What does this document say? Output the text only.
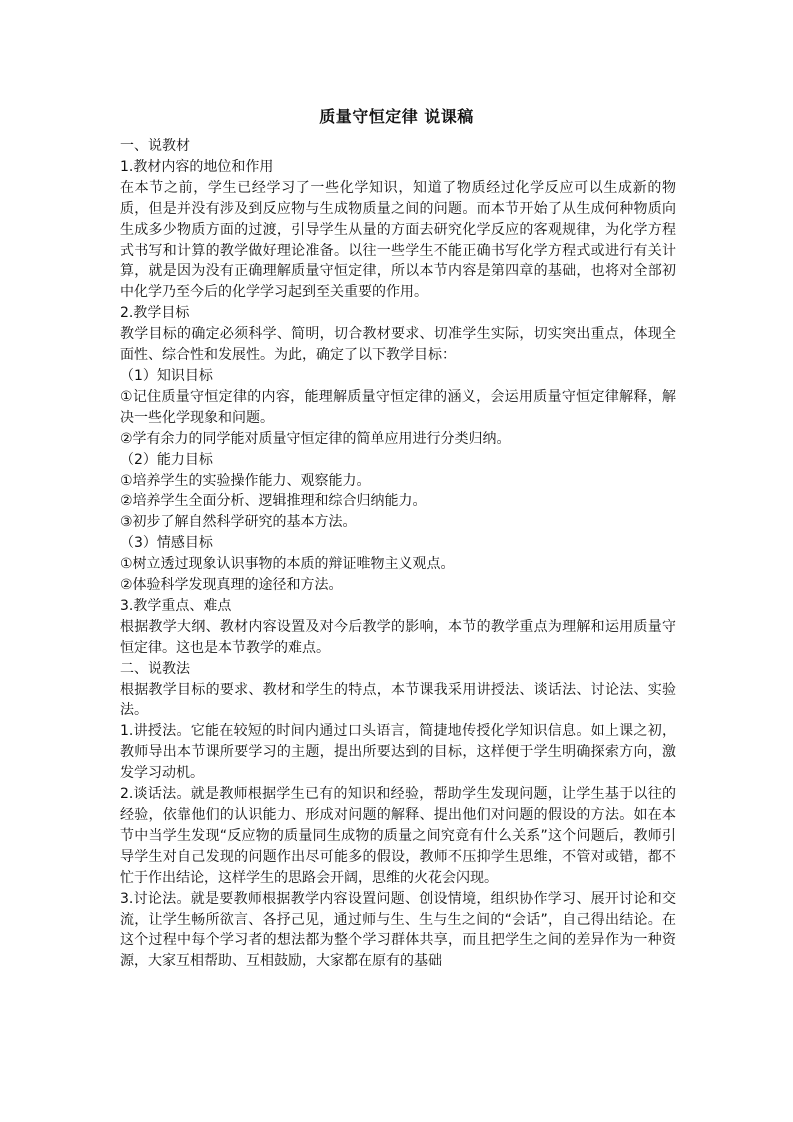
质量守恒定律 说课稿

一、说教材

1.教材内容的地位和作用

在本节之前，学生已经学习了一些化学知识，知道了物质经过化学反应可以生成新的物质，但是并没有涉及到反应物与生成物质量之间的问题。而本节开始了从生成何种物质向生成多少物质方面的过渡，引导学生从量的方面去研究化学反应的客观规律，为化学方程式书写和计算的教学做好理论准备。以往一些学生不能正确书写化学方程式或进行有关计算，就是因为没有正确理解质量守恒定律，所以本节内容是第四章的基础，也将对全部初中化学乃至今后的化学学习起到至关重要的作用。

2.教学目标

教学目标的确定必须科学、简明，切合教材要求、切准学生实际，切实突出重点，体现全面性、综合性和发展性。为此，确定了以下教学目标：

（1）知识目标

①记住质量守恒定律的内容，能理解质量守恒定律的涵义，会运用质量守恒定律解释，解决一些化学现象和问题。

②学有余力的同学能对质量守恒定律的简单应用进行分类归纳。

（2）能力目标

①培养学生的实验操作能力、观察能力。

②培养学生全面分析、逻辑推理和综合归纳能力。

③初步了解自然科学研究的基本方法。

（3）情感目标

①树立透过现象认识事物的本质的辩证唯物主义观点。

②体验科学发现真理的途径和方法。

3.教学重点、难点

根据教学大纲、教材内容设置及对今后教学的影响，本节的教学重点为理解和运用质量守恒定律。这也是本节教学的难点。

二、说教法

根据教学目标的要求、教材和学生的特点，本节课我采用讲授法、谈话法、讨论法、实验法。

1.讲授法。它能在较短的时间内通过口头语言，简捷地传授化学知识信息。如上课之初，教师导出本节课所要学习的主题，提出所要达到的目标，这样便于学生明确探索方向，激发学习动机。

2.谈话法。就是教师根据学生已有的知识和经验，帮助学生发现问题，让学生基于以往的经验，依靠他们的认识能力、形成对问题的解释、提出他们对问题的假设的方法。如在本节中当学生发现“反应物的质量同生成物的质量之间究竟有什么关系”这个问题后，教师引导学生对自己发现的问题作出尽可能多的假设，教师不压抑学生思维，不管对或错，都不忙于作出结论，这样学生的思路会开阔，思维的火花会闪现。

3.讨论法。就是要教师根据教学内容设置问题、创设情境，组织协作学习、展开讨论和交流，让学生畅所欲言、各抒己见，通过师与生、生与生之间的“会话”，自己得出结论。在这个过程中每个学习者的想法都为整个学习群体共享，而且把学生之间的差异作为一种资源，大家互相帮助、互相鼓励，大家都在原有的基础
